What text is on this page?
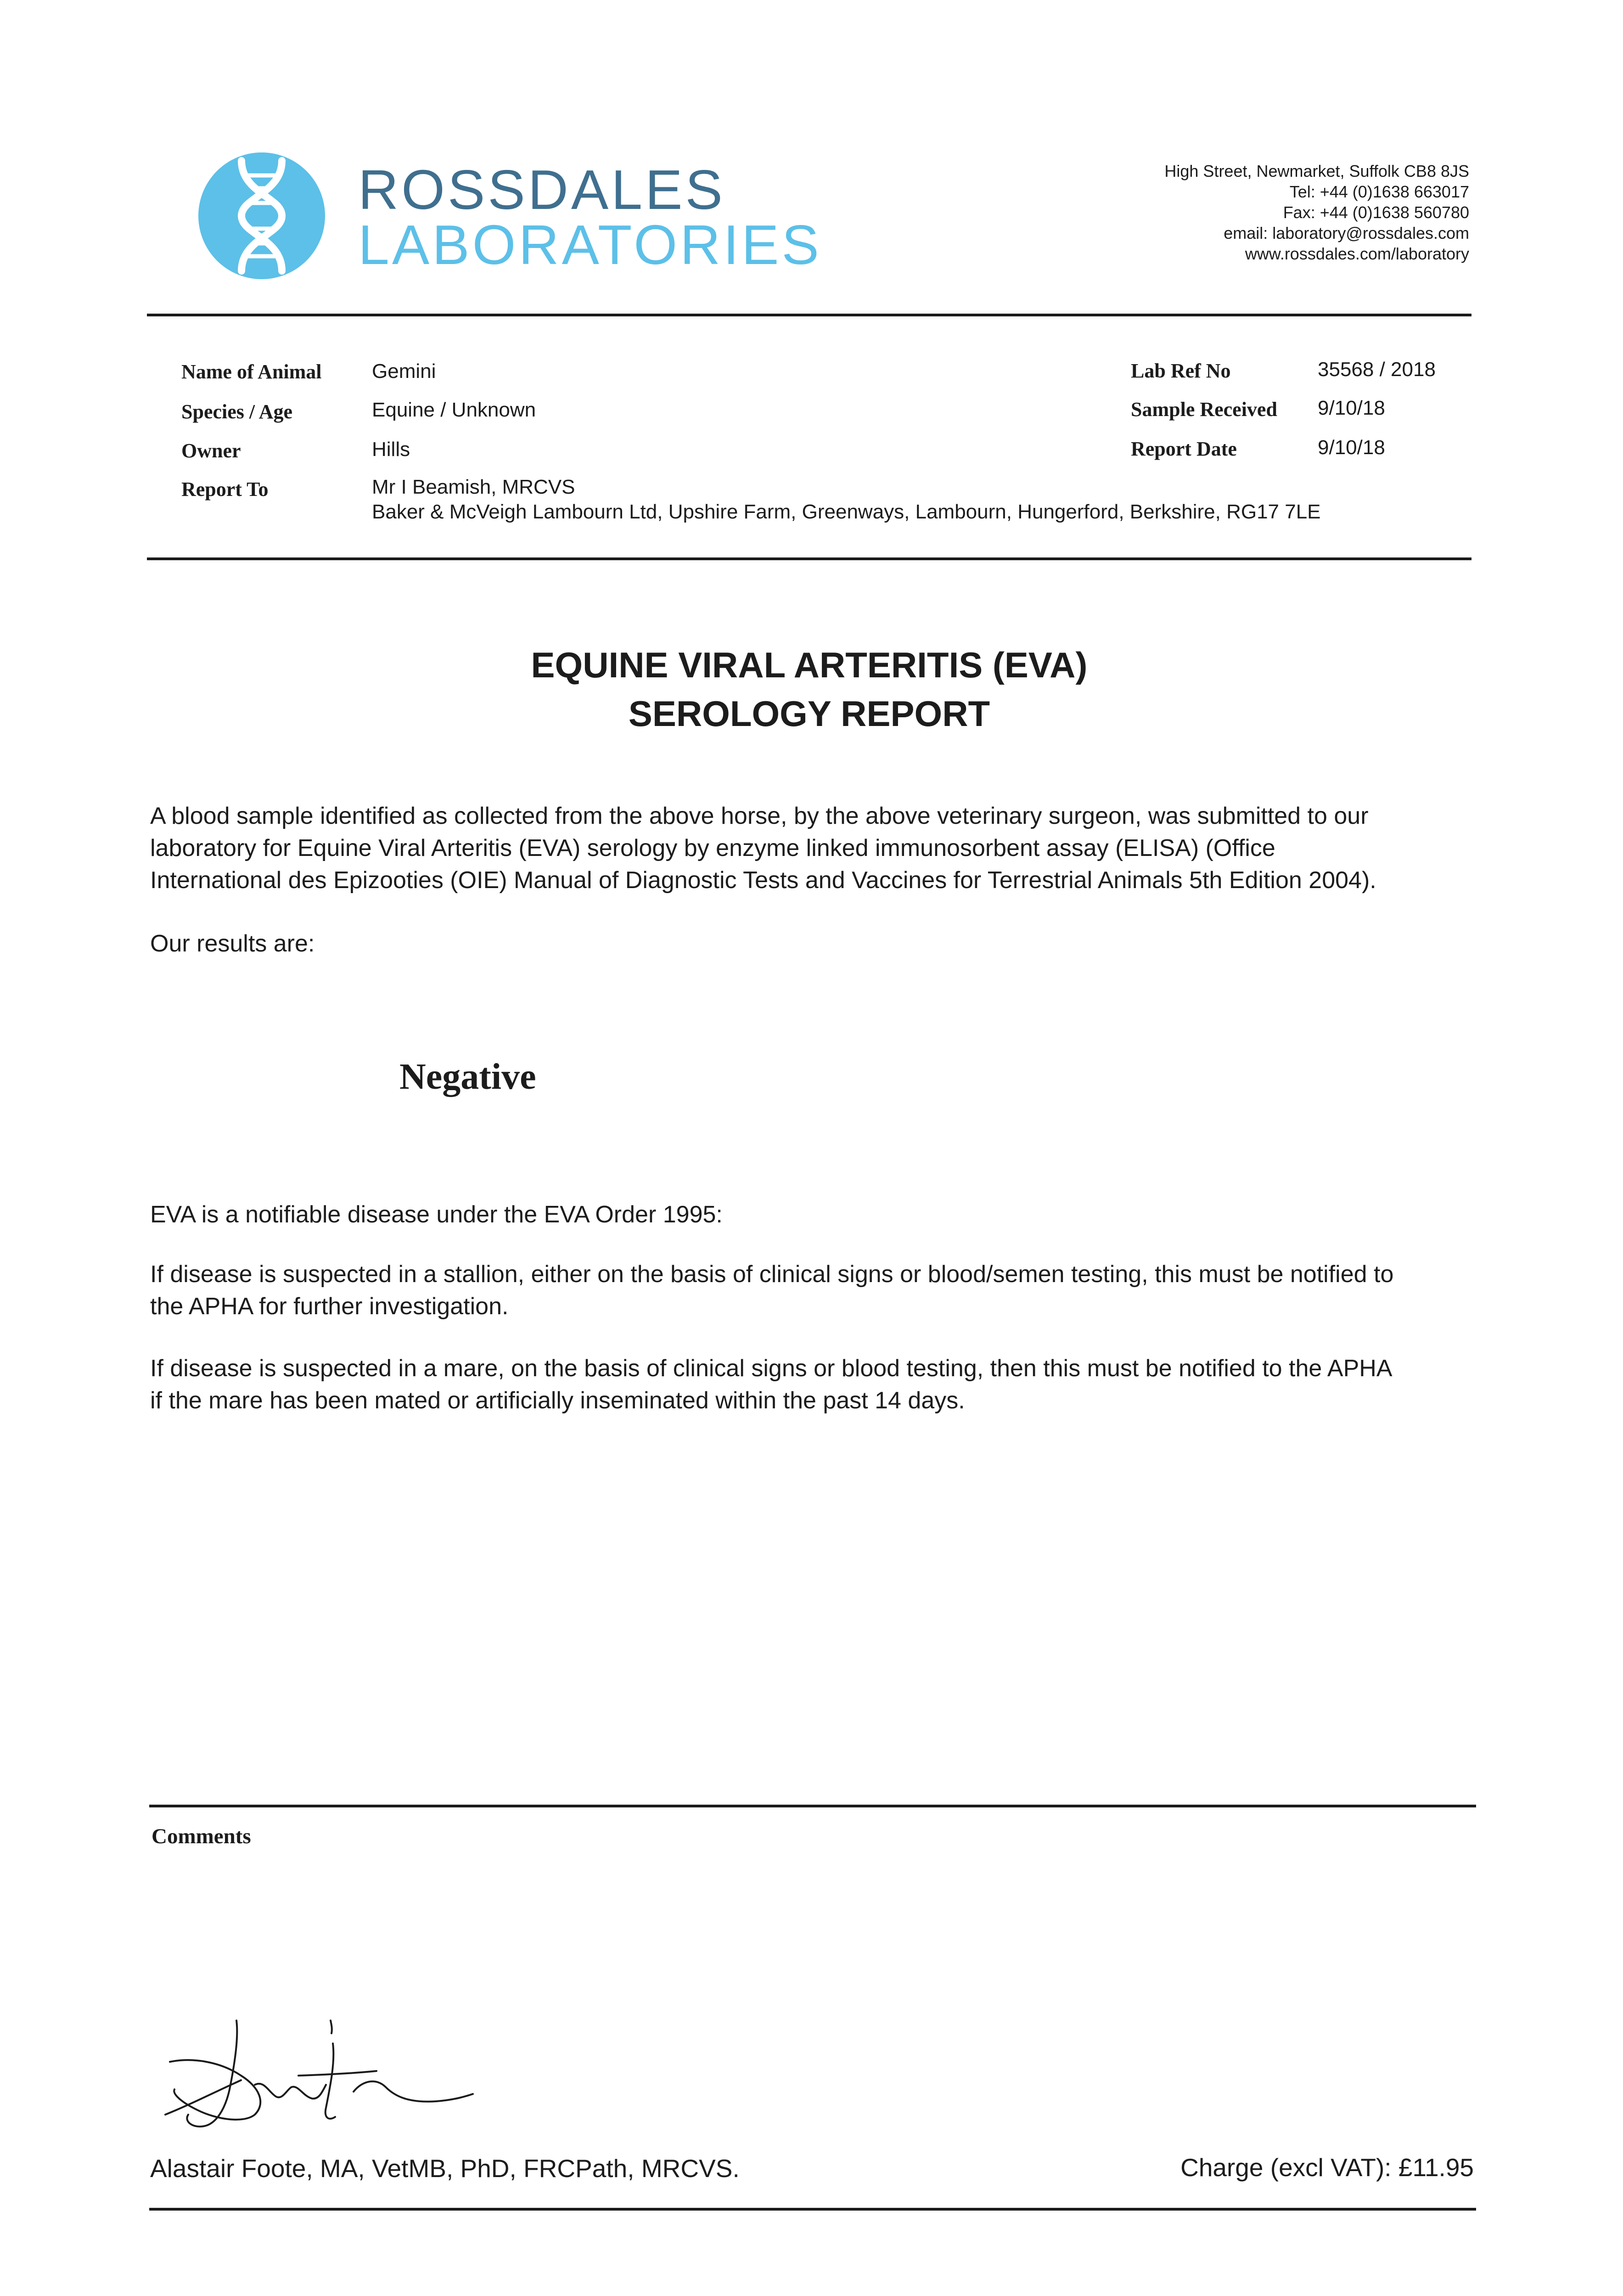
ROSSDALES
LABORATORIES
High Street, Newmarket, Suffolk CB8 8JS
Tel: +44 (0)1638 663017
Fax: +44 (0)1638 560780
email: laboratory@rossdales.com
www.rossdales.com/laboratory
Name of Animal Gemini
Species / Age	Equine / Unknown
Owner	Hills
Report To	Mr I Beamish, MRCVS
Baker & McVeigh Lambourn Ltd, Upshire Farm, Greenways, Lambourn, Hungerford, Berkshire, RG17 7LE
Lab Ref No	35568 / 2018
Sample Received 9/10/18
Report Date	9/10/18
EQUINE VIRAL ARTERITIS (EVA)
SEROLOGY REPORT
A blood sample identified as collected from the above horse, by the above veterinary surgeon, was submitted to our
laboratory for Equine Viral Arteritis (EVA) serology by enzyme linked immunosorbent assay (ELISA) (Office
International des Epizooties (OIE) Manual of Diagnostic Tests and Vaccines for Terrestrial Animals 5th Edition 2004).
Our results are:
Negative
EVA is a notifiable disease under the EVA Order 1995:
If disease is suspected in a stallion, either on the basis of clinical signs or blood/semen testing, this must be notified to
the APHA for further investigation.
If disease is suspected in a mare, on the basis of clinical signs or blood testing, then this must be notified to the APHA
if the mare has been mated or artificially inseminated within the past 14 days.
Comments
Alastair Foote, MA, VetMB, PhD, FRCPath, MRCVS.	Charge (excl VAT): £11.95
